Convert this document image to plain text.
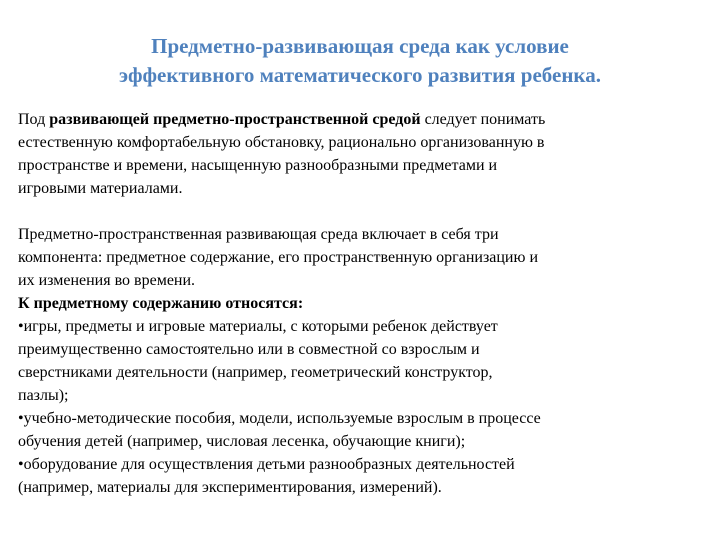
Предметно-развивающая среда как условие
эффективного математического развития ребенка.

Под развивающей предметно-пространственной средой следует понимать

естественную комфортабельную обстановку, рационально организованную в

пространстве и времени, насыщенную разнообразными предметами и

игровыми материалами.

Предметно-пространственная развивающая среда включает в себя три

компонента: предметное содержание, его пространственную организацию и

их изменения во времени.

К предметному содержанию относятся:

•игры, предметы и игровые материалы, с которыми ребенок действует

преимущественно самостоятельно или в совместной со взрослым и

сверстниками деятельности (например, геометрический конструктор,

пазлы);

•учебно-методические пособия, модели, используемые взрослым в процессе

обучения детей (например, числовая лесенка, обучающие книги);

•оборудование для осуществления детьми разнообразных деятельностей

(например, материалы для экспериментирования, измерений).
